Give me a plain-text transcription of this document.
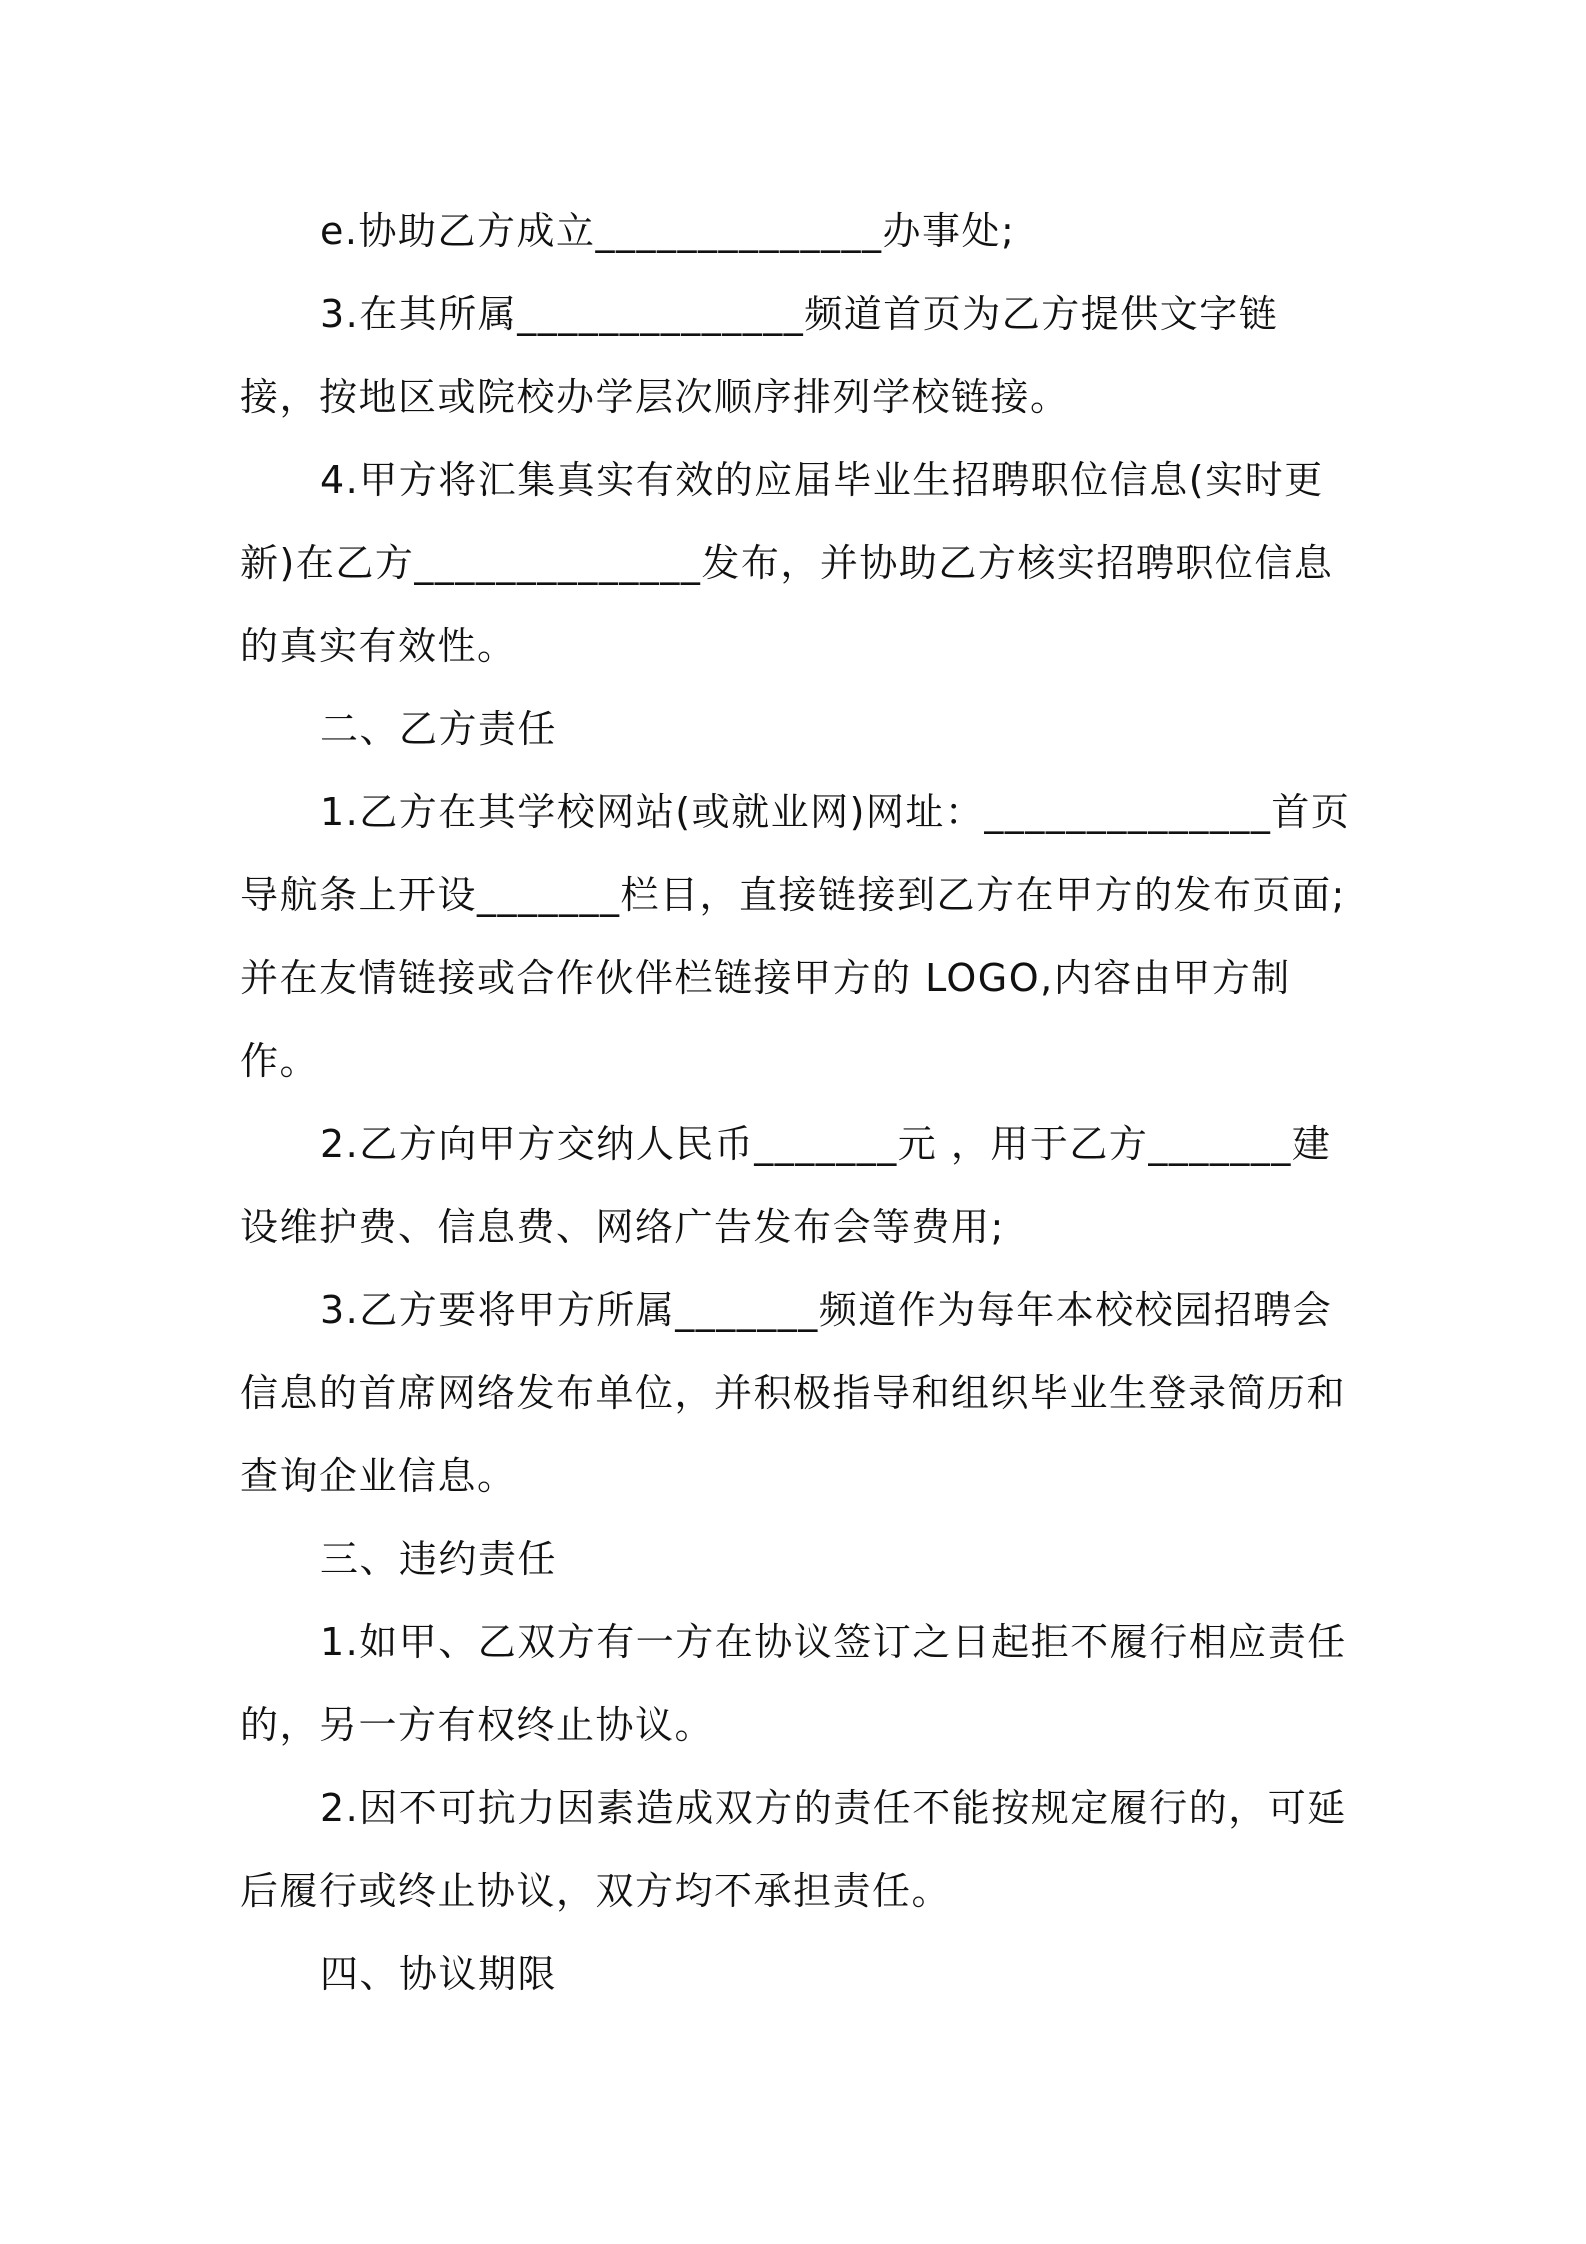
e.协助乙方成立______________办事处;

3.在其所属______________频道首页为乙方提供文字链接，按地区或院校办学层次顺序排列学校链接。

4.甲方将汇集真实有效的应届毕业生招聘职位信息(实时更新)在乙方______________发布，并协助乙方核实招聘职位信息的真实有效性。

二、乙方责任

1.乙方在其学校网站(或就业网)网址：______________首页导航条上开设_______栏目，直接链接到乙方在甲方的发布页面;并在友情链接或合作伙伴栏链接甲方的 LOGO,内容由甲方制作。

2.乙方向甲方交纳人民币_______元 ，用于乙方_______建设维护费、信息费、网络广告发布会等费用;

3.乙方要将甲方所属_______频道作为每年本校校园招聘会信息的首席网络发布单位，并积极指导和组织毕业生登录简历和查询企业信息。

三、违约责任

1.如甲、乙双方有一方在协议签订之日起拒不履行相应责任的，另一方有权终止协议。

2.因不可抗力因素造成双方的责任不能按规定履行的，可延后履行或终止协议，双方均不承担责任。

四、协议期限
